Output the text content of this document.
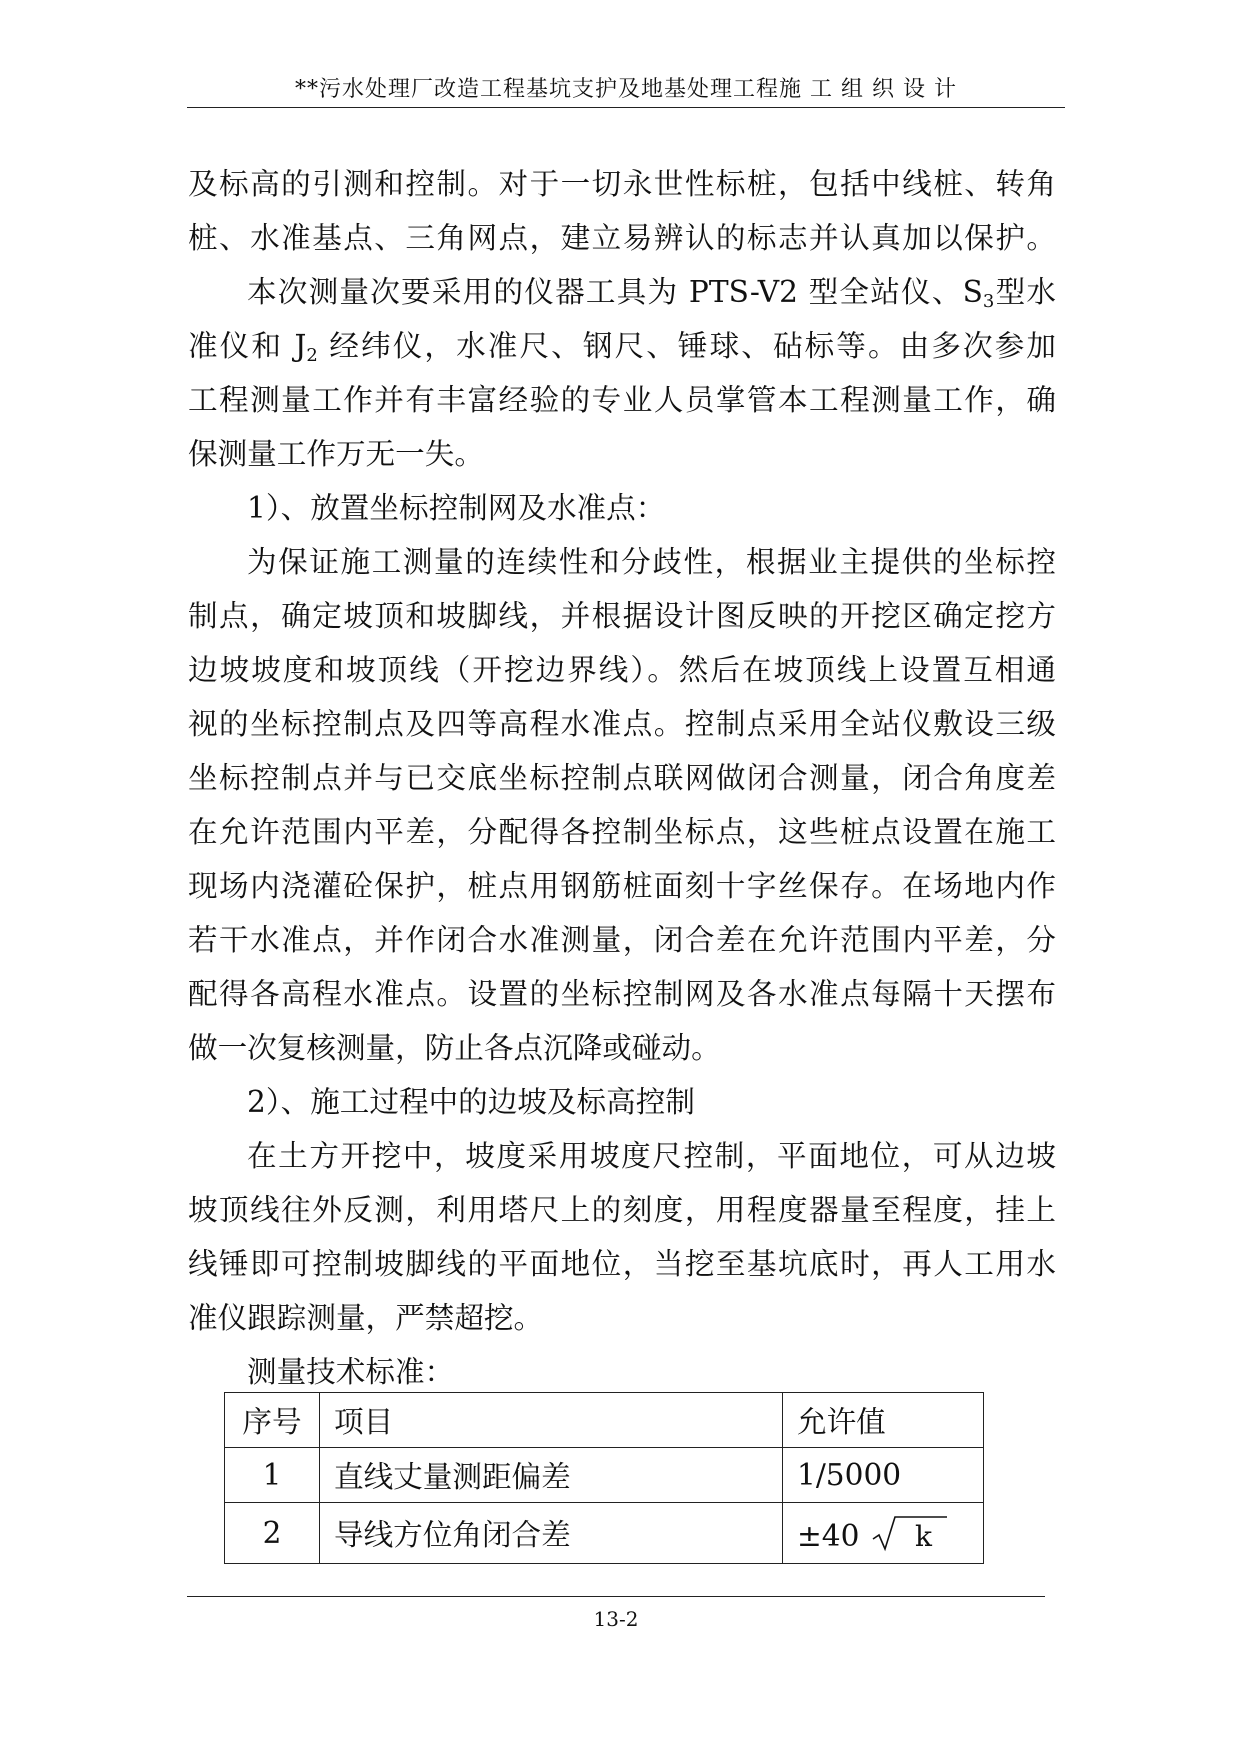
**污水处理厂改造工程基坑支护及地基处理工程施 工 组 织 设 计
及标高的引测和控制。对于一切永世性标桩，包括中线桩、转角
桩、水准基点、三角网点，建立易辨认的标志并认真加以保护。
本次测量次要采用的仪器工具为 PTS-V2 型全站仪、$S_3$型水
准仪和 $J_2$ 经纬仪，水准尺、钢尺、锤球、砧标等。由多次参加
工程测量工作并有丰富经验的专业人员掌管本工程测量工作，确
保测量工作万无一失。
1）、放置坐标控制网及水准点：
为保证施工测量的连续性和分歧性，根据业主提供的坐标控
制点，确定坡顶和坡脚线，并根据设计图反映的开挖区确定挖方
边坡坡度和坡顶线（开挖边界线）。然后在坡顶线上设置互相通
视的坐标控制点及四等高程水准点。控制点采用全站仪敷设三级
坐标控制点并与已交底坐标控制点联网做闭合测量，闭合角度差
在允许范围内平差，分配得各控制坐标点，这些桩点设置在施工
现场内浇灌砼保护，桩点用钢筋桩面刻十字丝保存。在场地内作
若干水准点，并作闭合水准测量，闭合差在允许范围内平差，分
配得各高程水准点。设置的坐标控制网及各水准点每隔十天摆布
做一次复核测量，防止各点沉降或碰动。
2）、施工过程中的边坡及标高控制
在土方开挖中，坡度采用坡度尺控制，平面地位，可从边坡
坡顶线往外反测，利用塔尺上的刻度，用程度器量至程度，挂上
线锤即可控制坡脚线的平面地位，当挖至基坑底时，再人工用水
准仪跟踪测量，严禁超挖。
测量技术标准：
序号	项目	允许值
1	直线丈量测距偏差	1/5000
2	导线方位角闭合差	±40 k
13-2
